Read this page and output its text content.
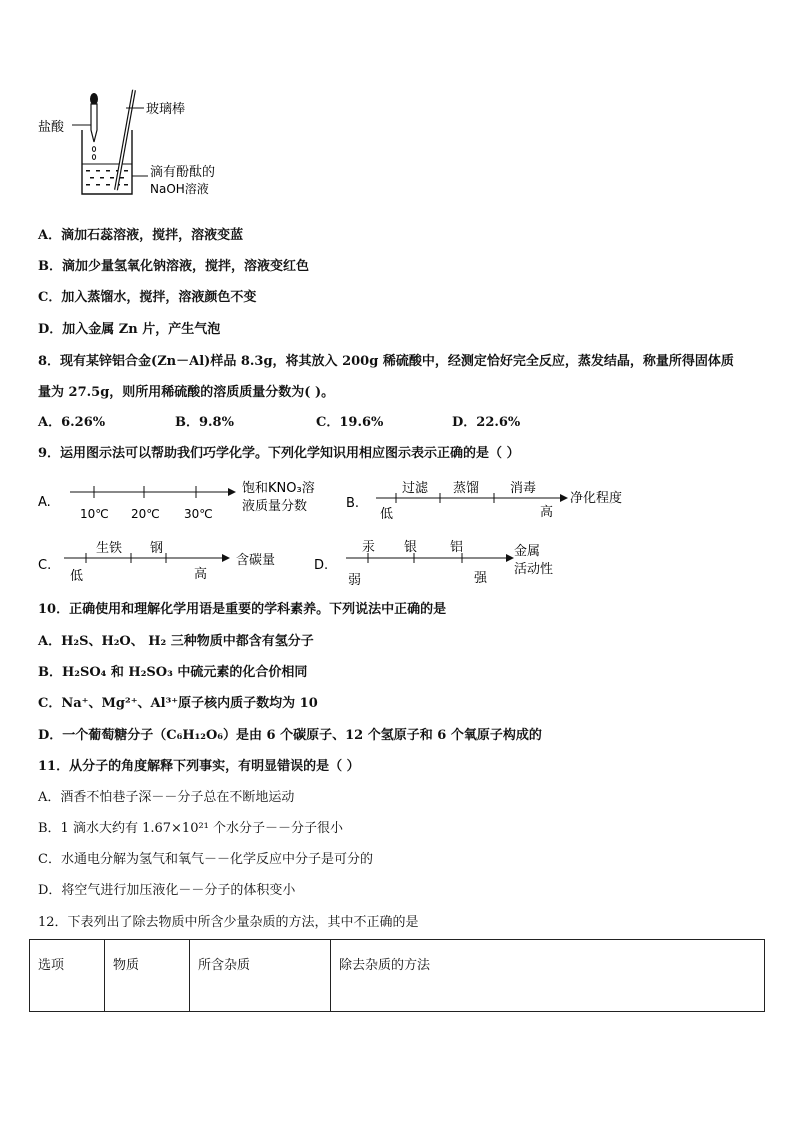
盐酸
玻璃棒
滴有酚酞的
NaOH溶液
A．滴加石蕊溶液，搅拌，溶液变蓝
B．滴加少量氢氧化钠溶液，搅拌，溶液变红色
C．加入蒸馏水，搅拌，溶液颜色不变
D．加入金属 Zn 片，产生气泡
8．现有某锌铝合金(Zn－Al)样品 8.3g，将其放入 200g 稀硫酸中，经测定恰好完全反应，蒸发结晶，称量所得固体质
量为 27.5g，则所用稀硫酸的溶质质量分数为( )。
A．6.26%	B．9.8%	C．19.6%	D．22.6%
9．运用图示法可以帮助我们巧学化学。下列化学知识用相应图示表示正确的是（ ）
A.
10℃ 20℃ 30℃
饱和KNO₃溶
液质量分数	B.
过滤 蒸馏 消毒
低	高
净化程度
C.
生铁 钢
低	高
含碳量	D.
汞 银	铝
弱	强
金属
活动性
10．正确使用和理解化学用语是重要的学科素养。下列说法中正确的是
A．H₂S、H₂O、 H₂ 三种物质中都含有氢分子
B．H₂SO₄ 和 H₂SO₃ 中硫元素的化合价相同
C．Na⁺、Mg²⁺、Al³⁺原子核内质子数均为 10
D．一个葡萄糖分子（C₆H₁₂O₆）是由 6 个碳原子、12 个氢原子和 6 个氧原子构成的
11．从分子的角度解释下列事实，有明显错误的是（ ）
A．酒香不怕巷子深－－分子总在不断地运动
B．1 滴水大约有 1.67×10²¹ 个水分子－－分子很小
C．水通电分解为氢气和氧气－－化学反应中分子是可分的
D．将空气进行加压液化－－分子的体积变小
12．下表列出了除去物质中所含少量杂质的方法，其中不正确的是
选项	物质	所含杂质	除去杂质的方法
